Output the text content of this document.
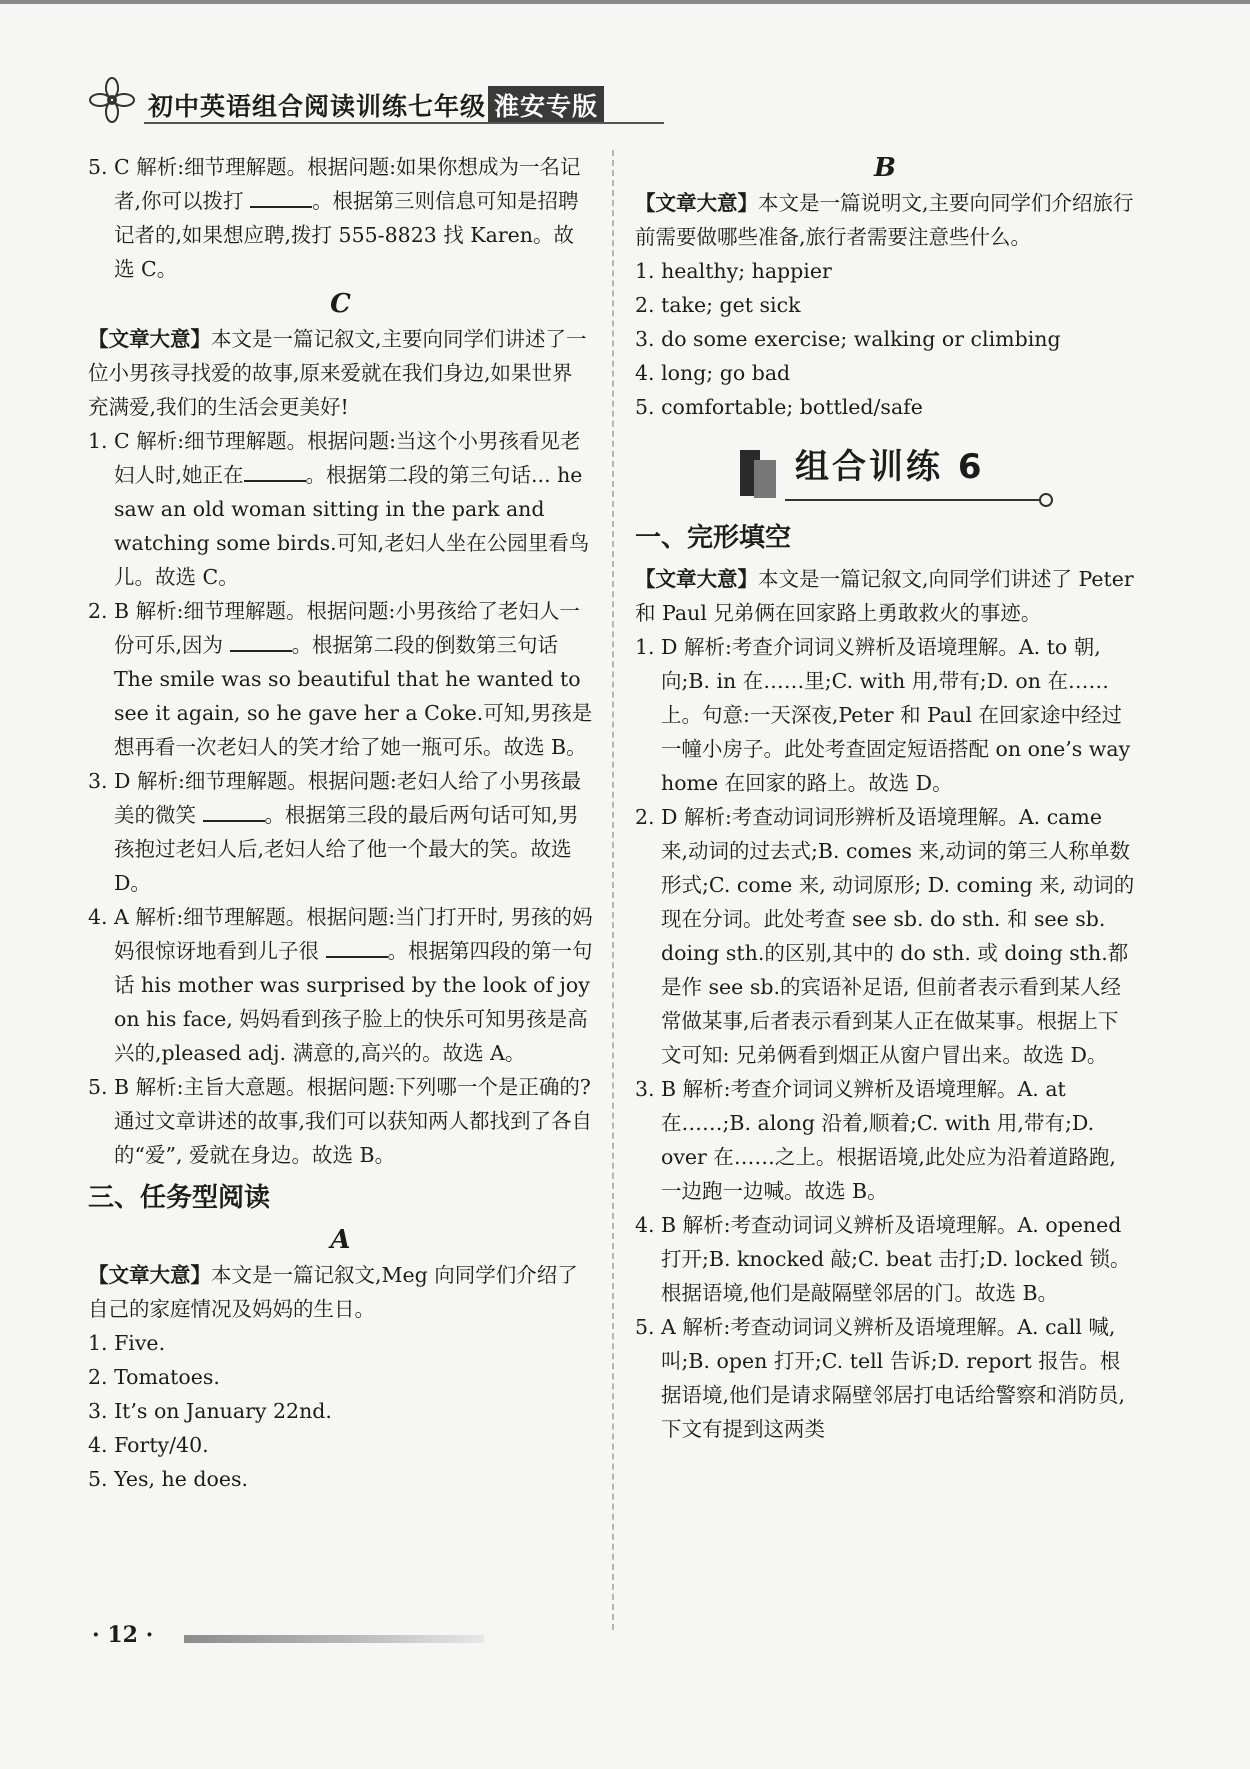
初中英语组合阅读训练七年级 淮安专版

5. C 解析:细节理解题。根据问题:如果你想成为一名记者,你可以拨打	。根据第三则信息可知是招聘记者的,如果想应聘,拨打 555-8823 找 Karen。故选 C。

C

【文章大意】本文是一篇记叙文,主要向同学们讲述了一位小男孩寻找爱的故事,原来爱就在我们身边,如果世界充满爱,我们的生活会更美好!

1. C 解析:细节理解题。根据问题:当这个小男孩看见老妇人时,她正在	。根据第二段的第三句话... he saw an old woman sitting in the park and watching some birds.可知,老妇人坐在公园里看鸟儿。故选 C。

2. B 解析:细节理解题。根据问题:小男孩给了老妇人一份可乐,因为	。根据第二段的倒数第三句话 The smile was so beautiful that he wanted to see it again, so he gave her a Coke.可知,男孩是想再看一次老妇人的笑才给了她一瓶可乐。故选 B。

3. D 解析:细节理解题。根据问题:老妇人给了小男孩最美的微笑	。根据第三段的最后两句话可知,男孩抱过老妇人后,老妇人给了他一个最大的笑。故选 D。

4. A 解析:细节理解题。根据问题:当门打开时, 男孩的妈妈很惊讶地看到儿子很	。根据第四段的第一句话 his mother was surprised by the look of joy on his face, 妈妈看到孩子脸上的快乐可知男孩是高兴的,pleased adj. 满意的,高兴的。故选 A。

5. B 解析:主旨大意题。根据问题:下列哪一个是正确的? 通过文章讲述的故事,我们可以获知两人都找到了各自的“爱”, 爱就在身边。故选 B。

三、任务型阅读

A

【文章大意】本文是一篇记叙文,Meg 向同学们介绍了自己的家庭情况及妈妈的生日。

1. Five.

2. Tomatoes.

3. It’s on January 22nd.

4. Forty/40.

5. Yes, he does.

B

【文章大意】本文是一篇说明文,主要向同学们介绍旅行前需要做哪些准备,旅行者需要注意些什么。

1. healthy; happier

2. take; get sick

3. do some exercise; walking or climbing

4. long; go bad

5. comfortable; bottled/safe

组合训练 6

一、完形填空

【文章大意】本文是一篇记叙文,向同学们讲述了 Peter 和 Paul 兄弟俩在回家路上勇敢救火的事迹。

1. D 解析:考查介词词义辨析及语境理解。A. to 朝,向;B. in 在……里;C. with 用,带有;D. on 在……上。句意:一天深夜,Peter 和 Paul 在回家途中经过一幢小房子。此处考查固定短语搭配 on one’s way home 在回家的路上。故选 D。

2. D 解析:考查动词词形辨析及语境理解。A. came 来,动词的过去式;B. comes 来,动词的第三人称单数形式;C. come 来, 动词原形; D. coming 来, 动词的现在分词。此处考查 see sb. do sth. 和 see sb. doing sth.的区别,其中的 do sth. 或 doing sth.都是作 see sb.的宾语补足语, 但前者表示看到某人经常做某事,后者表示看到某人正在做某事。根据上下文可知: 兄弟俩看到烟正从窗户冒出来。故选 D。

3. B 解析:考查介词词义辨析及语境理解。A. at 在……;B. along 沿着,顺着;C. with 用,带有;D. over 在……之上。根据语境,此处应为沿着道路跑,一边跑一边喊。故选 B。

4. B 解析:考查动词词义辨析及语境理解。A. opened 打开;B. knocked 敲;C. beat 击打;D. locked 锁。根据语境,他们是敲隔壁邻居的门。故选 B。

5. A 解析:考查动词词义辨析及语境理解。A. call 喊, 叫;B. open 打开;C. tell 告诉;D. report 报告。根据语境,他们是请求隔壁邻居打电话给警察和消防员,下文有提到这两类

· 12 ·
